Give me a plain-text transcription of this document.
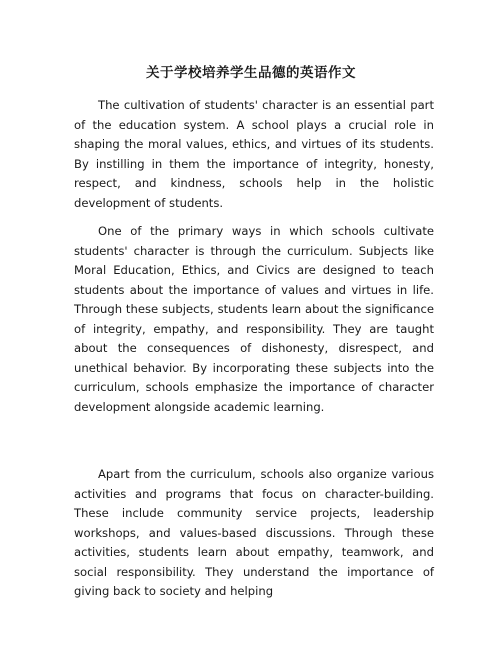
关于学校培养学生品德的英语作文

The cultivation of students' character is an essential part of the education system. A school plays a crucial role in shaping the moral values, ethics, and virtues of its students. By instilling in them the importance of integrity, honesty, respect, and kindness, schools help in the holistic development of students.

One of the primary ways in which schools cultivate students' character is through the curriculum. Subjects like Moral Education, Ethics, and Civics are designed to teach students about the importance of values and virtues in life. Through these subjects, students learn about the significance of integrity, empathy, and responsibility. They are taught about the consequences of dishonesty, disrespect, and unethical behavior. By incorporating these subjects into the curriculum, schools emphasize the importance of character development alongside academic learning.

Apart from the curriculum, schools also organize various activities and programs that focus on character-building. These include community service projects, leadership workshops, and values-based discussions. Through these activities, students learn about empathy, teamwork, and social responsibility. They understand the importance of giving back to society and helping
